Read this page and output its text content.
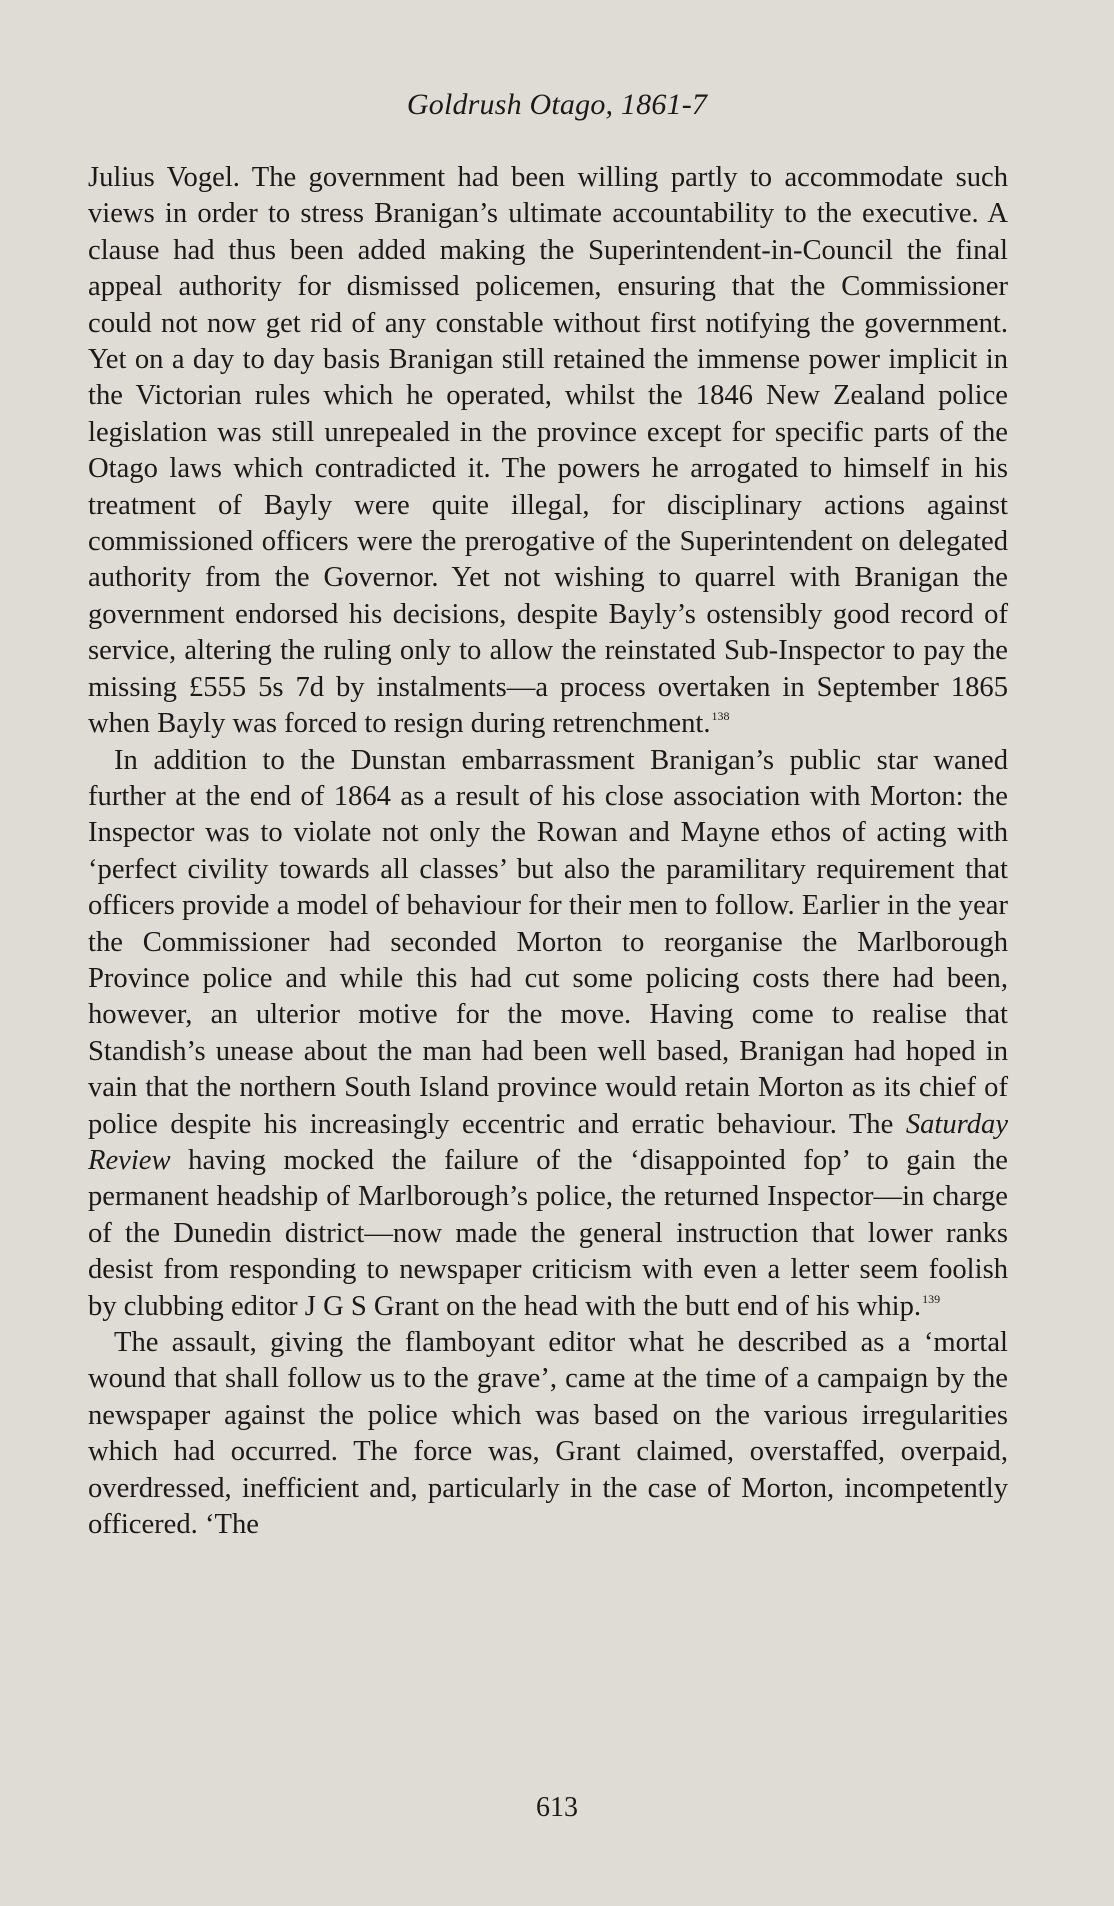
Goldrush Otago, 1861-7

Julius Vogel. The government had been willing partly to accommodate such views in order to stress Branigan’s ultimate accountability to the executive. A clause had thus been added making the Superintendent-in-Council the final appeal authority for dismissed policemen, ensuring that the Commissioner could not now get rid of any constable without first notifying the government. Yet on a day to day basis Branigan still retained the immense power implicit in the Victorian rules which he operated, whilst the 1846 New Zealand police legislation was still unrepealed in the province except for specific parts of the Otago laws which contradicted it. The powers he arrogated to himself in his treatment of Bayly were quite illegal, for disciplinary actions against commissioned officers were the prerogative of the Superintendent on delegated authority from the Governor. Yet not wishing to quarrel with Branigan the government endorsed his decisions, despite Bayly’s ostensibly good record of service, altering the ruling only to allow the reinstated Sub-Inspector to pay the missing £555 5s 7d by instalments—a process overtaken in September 1865 when Bayly was forced to resign during retrenchment.$^{138}$

In addition to the Dunstan embarrassment Branigan’s public star waned further at the end of 1864 as a result of his close association with Morton: the Inspector was to violate not only the Rowan and Mayne ethos of acting with ‘perfect civility towards all classes’ but also the paramilitary requirement that officers provide a model of behaviour for their men to follow. Earlier in the year the Commissioner had seconded Morton to reorganise the Marlborough Province police and while this had cut some policing costs there had been, however, an ulterior motive for the move. Having come to realise that Standish’s unease about the man had been well based, Branigan had hoped in vain that the northern South Island province would retain Morton as its chief of police despite his increasingly eccentric and erratic behaviour. The Saturday Review having mocked the failure of the ‘disappointed fop’ to gain the permanent headship of Marlborough’s police, the returned Inspector—in charge of the Dunedin district—now made the general instruction that lower ranks desist from responding to newspaper criticism with even a letter seem foolish by clubbing editor J G S Grant on the head with the butt end of his whip.$^{139}$

The assault, giving the flamboyant editor what he described as a ‘mortal wound that shall follow us to the grave’, came at the time of a campaign by the newspaper against the police which was based on the various irregularities which had occurred. The force was, Grant claimed, overstaffed, overpaid, overdressed, inefficient and, particularly in the case of Morton, incompetently officered. ‘The

613
